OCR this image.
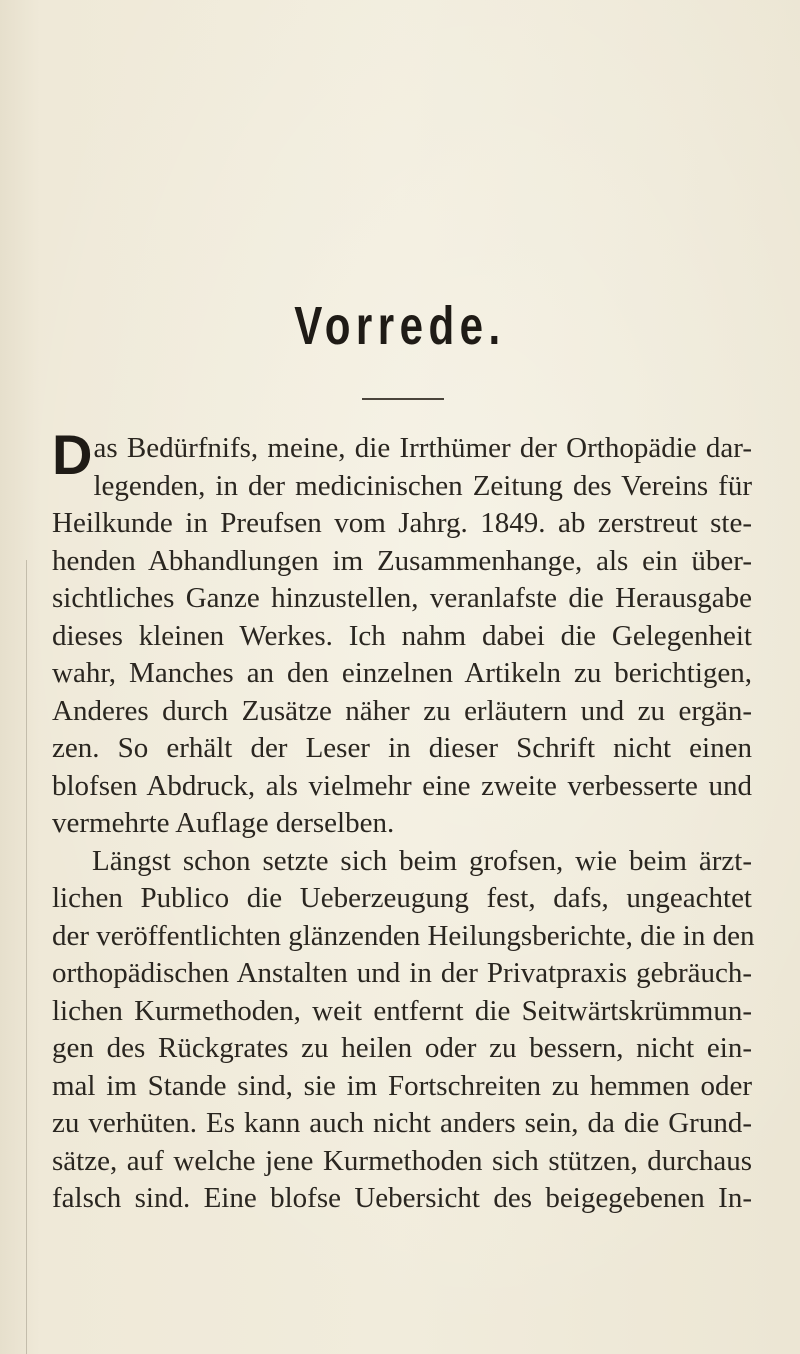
Vorrede.
Das Bedürfnifs, meine, die Irrthümer der Orthopädie dar-
legenden, in der medicinischen Zeitung des Vereins für
Heilkunde in Preufsen vom Jahrg. 1849. ab zerstreut ste-
henden Abhandlungen im Zusammenhange, als ein über-
sichtliches Ganze hinzustellen, veranlafste die Herausgabe
dieses kleinen Werkes. Ich nahm dabei die Gelegenheit
wahr, Manches an den einzelnen Artikeln zu berichtigen,
Anderes durch Zusätze näher zu erläutern und zu ergän-
zen. So erhält der Leser in dieser Schrift nicht einen
blofsen Abdruck, als vielmehr eine zweite verbesserte und
vermehrte Auflage derselben.
Längst schon setzte sich beim grofsen, wie beim ärzt-
lichen Publico die Ueberzeugung fest, dafs, ungeachtet
der veröffentlichten glänzenden Heilungsberichte, die in den
orthopädischen Anstalten und in der Privatpraxis gebräuch-
lichen Kurmethoden, weit entfernt die Seitwärtskrümmun-
gen des Rückgrates zu heilen oder zu bessern, nicht ein-
mal im Stande sind, sie im Fortschreiten zu hemmen oder
zu verhüten. Es kann auch nicht anders sein, da die Grund-
sätze, auf welche jene Kurmethoden sich stützen, durchaus
falsch sind. Eine blofse Uebersicht des beigegebenen In-
